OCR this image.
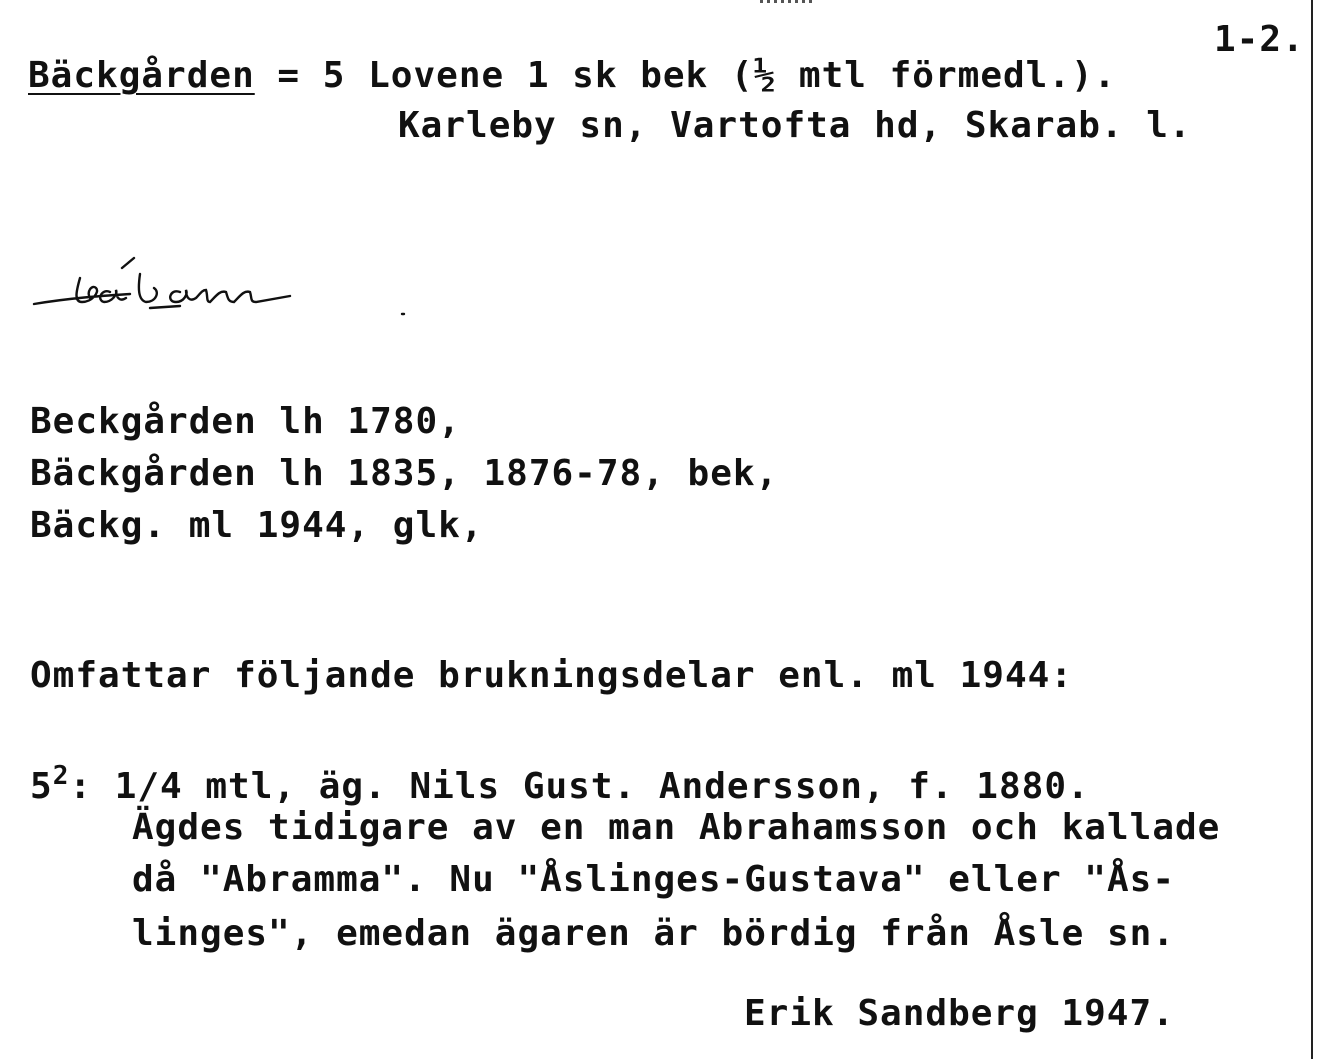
1-2.
Bäckgården = 5 Lovene 1 sk bek (½ mtl förmedl.).
Karleby sn, Vartofta hd, Skarab. l.
Beckgården lh 1780,
Bäckgården lh 1835, 1876-78, bek,
Bäckg. ml 1944, glk,
Omfattar följande brukningsdelar enl. ml 1944:
$5^2$: 1/4 mtl, äg. Nils Gust. Andersson, f. 1880.
Ägdes tidigare av en man Abrahamsson och kallade
då "Abramma". Nu "Åslinges-Gustava" eller "Ås-
linges", emedan ägaren är bördig från Åsle sn.
Erik Sandberg 1947.
